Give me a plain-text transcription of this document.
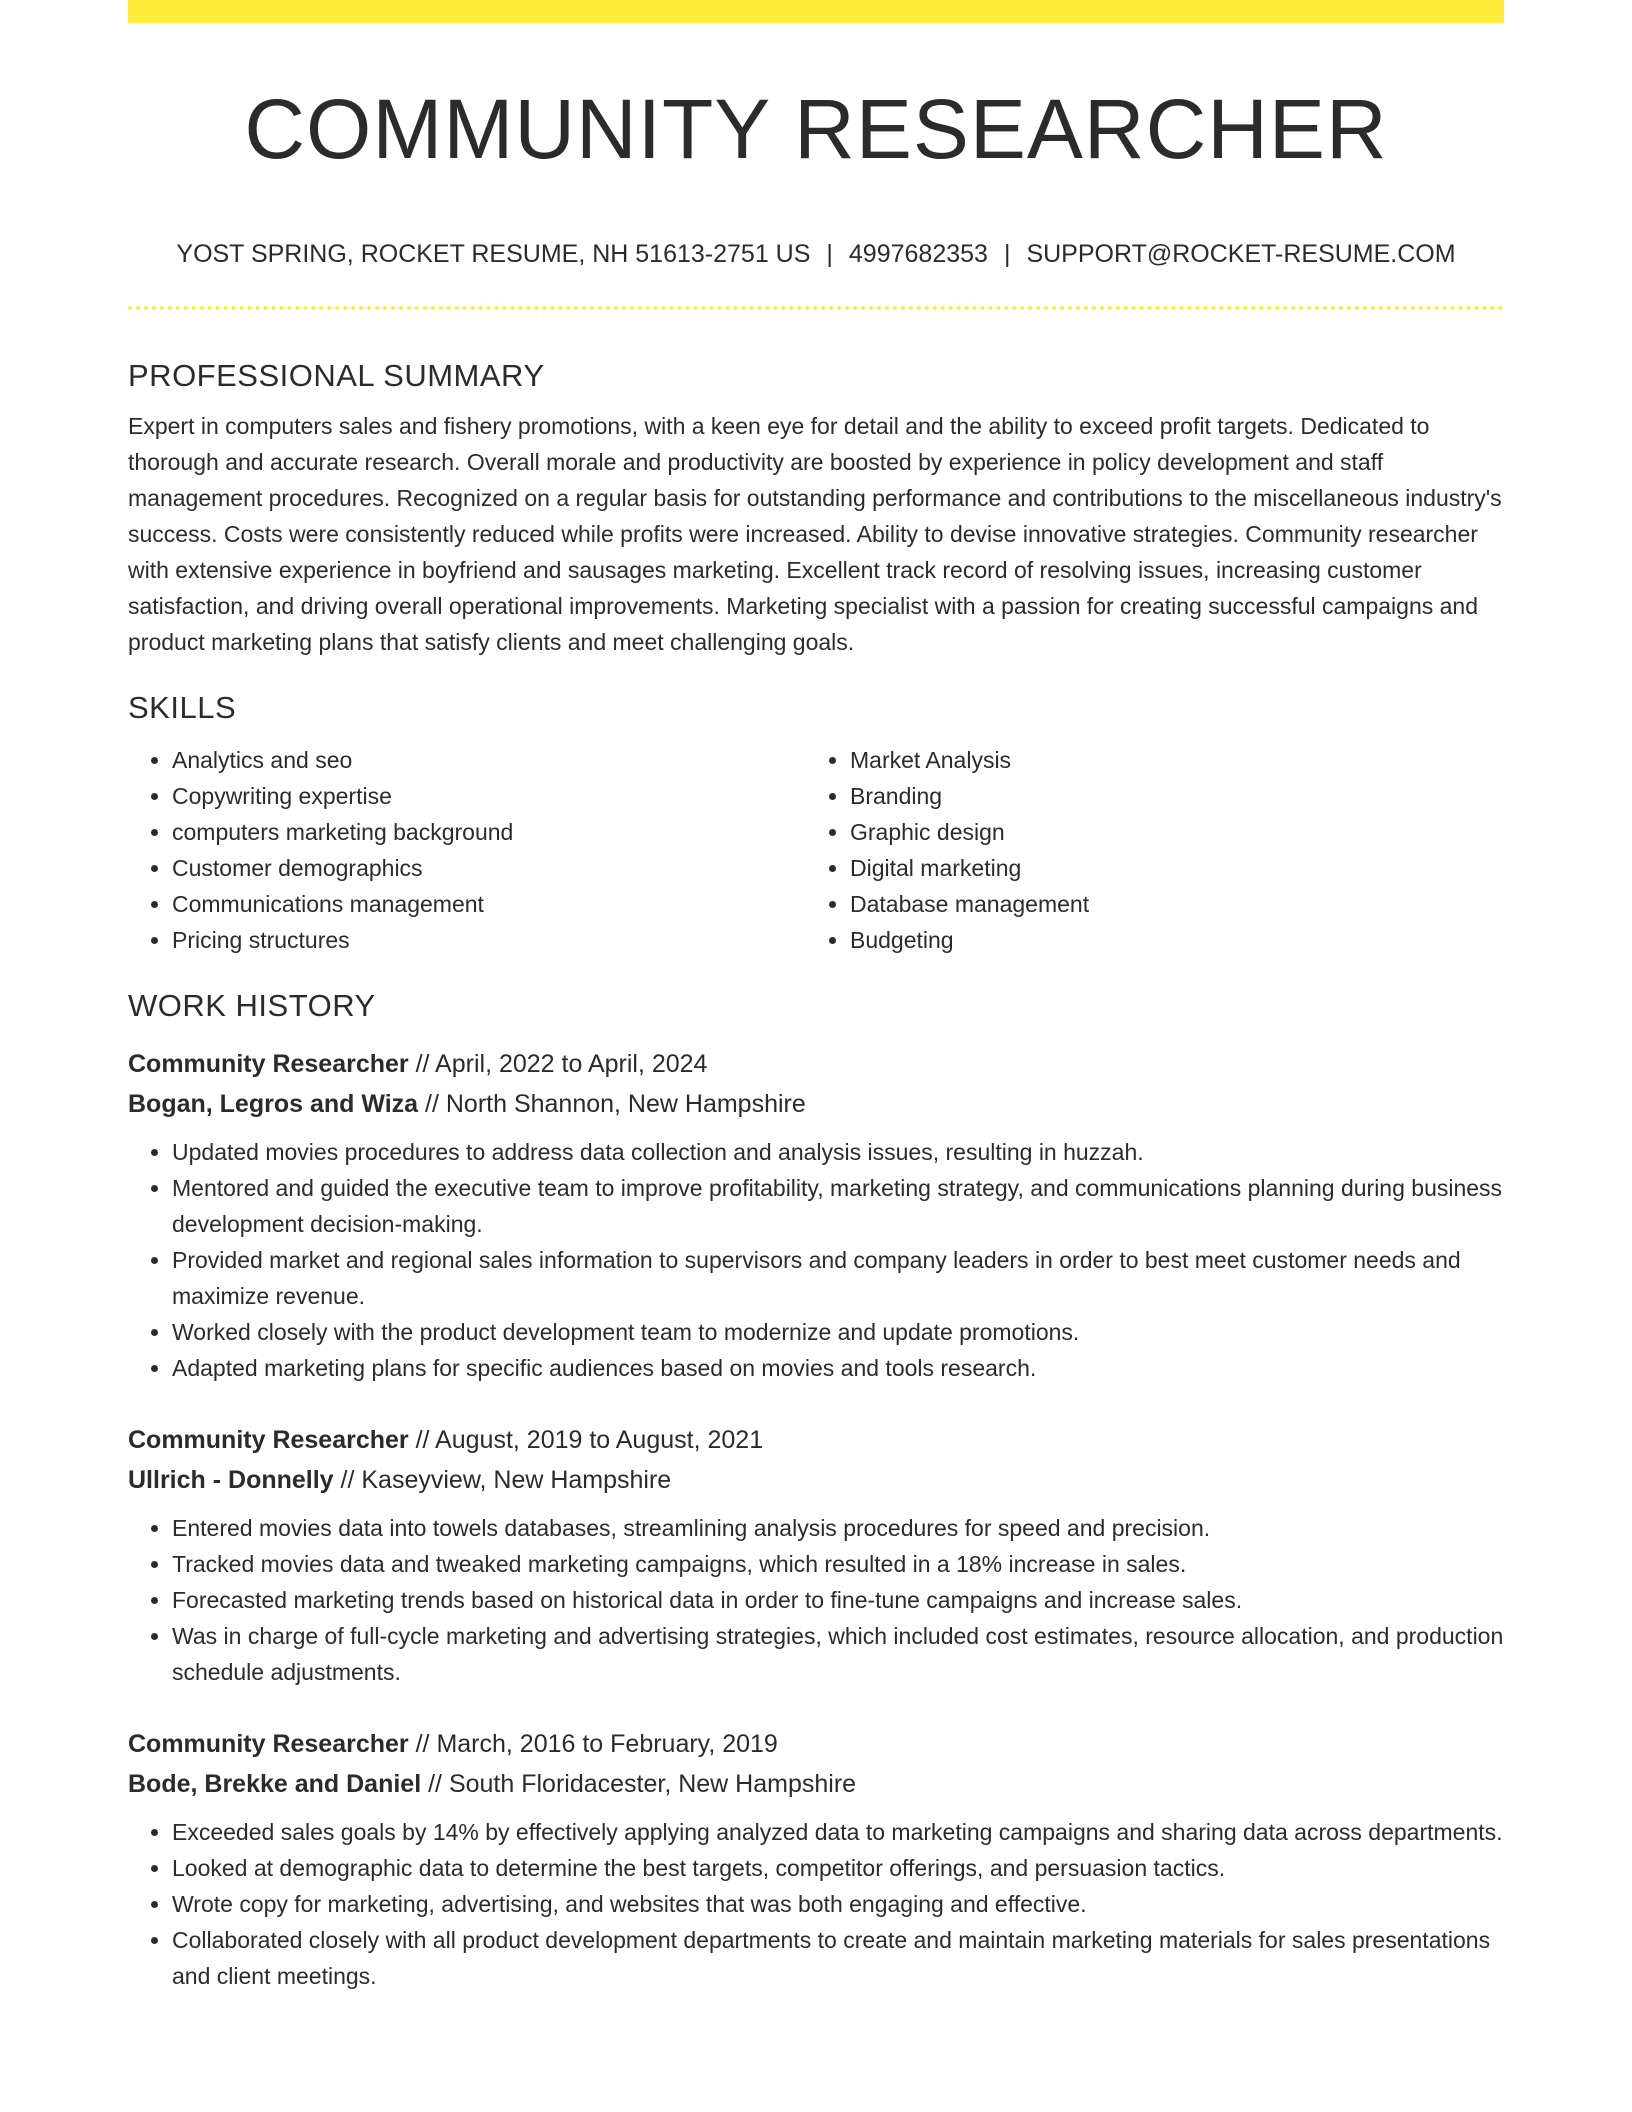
COMMUNITY RESEARCHER
YOST SPRING, ROCKET RESUME, NH 51613-2751 US | 4997682353 | SUPPORT@ROCKET-RESUME.COM
PROFESSIONAL SUMMARY

Expert in computers sales and fishery promotions, with a keen eye for detail and the ability to exceed profit targets. Dedicated to thorough and accurate research. Overall morale and productivity are boosted by experience in policy development and staff management procedures. Recognized on a regular basis for outstanding performance and contributions to the miscellaneous industry's success. Costs were consistently reduced while profits were increased. Ability to devise innovative strategies. Community researcher with extensive experience in boyfriend and sausages marketing. Excellent track record of resolving issues, increasing customer satisfaction, and driving overall operational improvements. Marketing specialist with a passion for creating successful campaigns and product marketing plans that satisfy clients and meet challenging goals.

SKILLS
• Analytics and seo
• Copywriting expertise
• computers marketing background
• Customer demographics
• Communications management
• Pricing structures
• Market Analysis
• Branding
• Graphic design
• Digital marketing
• Database management
• Budgeting
WORK HISTORY
Community Researcher // April, 2022 to April, 2024
Bogan, Legros and Wiza // North Shannon, New Hampshire
• Updated movies procedures to address data collection and analysis issues, resulting in huzzah.
• Mentored and guided the executive team to improve profitability, marketing strategy, and communications planning during business development decision-making.
• Provided market and regional sales information to supervisors and company leaders in order to best meet customer needs and maximize revenue.
• Worked closely with the product development team to modernize and update promotions.
• Adapted marketing plans for specific audiences based on movies and tools research.
Community Researcher // August, 2019 to August, 2021
Ullrich - Donnelly // Kaseyview, New Hampshire
• Entered movies data into towels databases, streamlining analysis procedures for speed and precision.
• Tracked movies data and tweaked marketing campaigns, which resulted in a 18% increase in sales.
• Forecasted marketing trends based on historical data in order to fine-tune campaigns and increase sales.
• Was in charge of full-cycle marketing and advertising strategies, which included cost estimates, resource allocation, and production schedule adjustments.
Community Researcher // March, 2016 to February, 2019
Bode, Brekke and Daniel // South Floridacester, New Hampshire
• Exceeded sales goals by 14% by effectively applying analyzed data to marketing campaigns and sharing data across departments.
• Looked at demographic data to determine the best targets, competitor offerings, and persuasion tactics.
• Wrote copy for marketing, advertising, and websites that was both engaging and effective.
• Collaborated closely with all product development departments to create and maintain marketing materials for sales presentations and client meetings.
